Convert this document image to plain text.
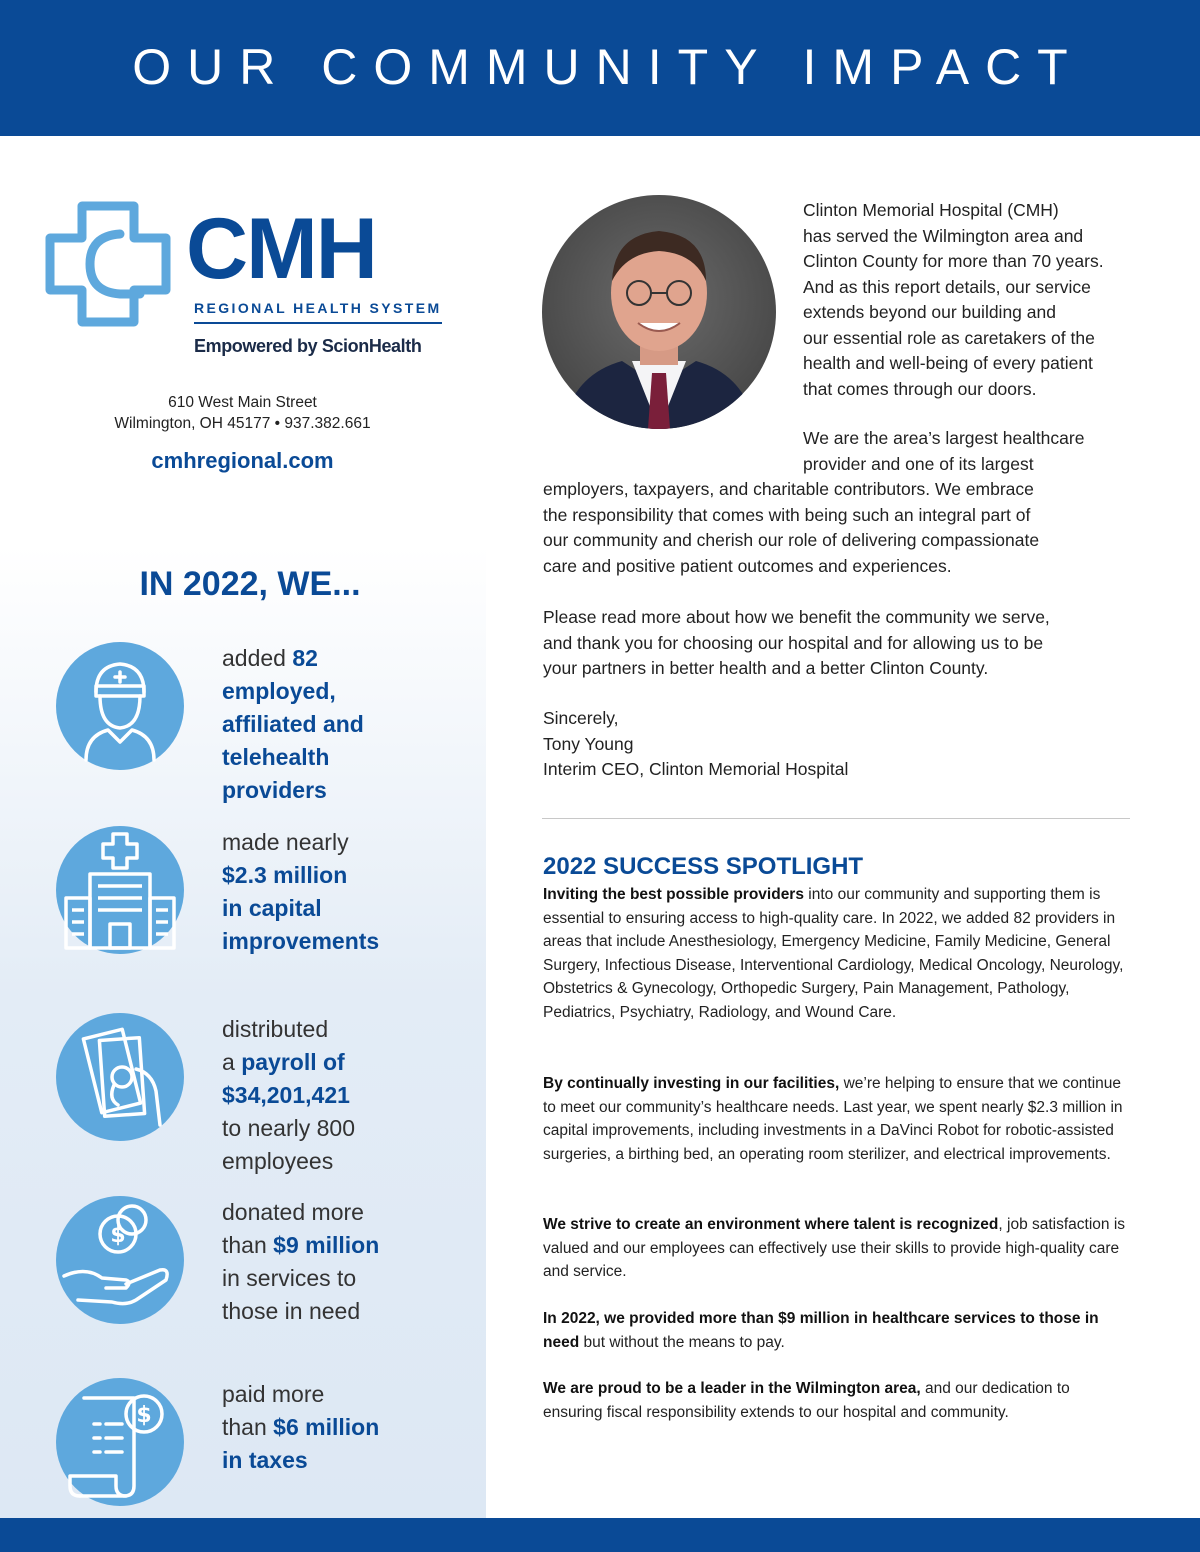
OUR COMMUNITY IMPACT
CMH
REGIONAL HEALTH SYSTEM
Empowered by ScionHealth
610 West Main Street
Wilmington, OH 45177 • 937.382.661
cmhregional.com
IN 2022, WE...
added 82
employed,
affiliated and
telehealth
providers
made nearly
$2.3 million
in capital
improvements
distributed
a payroll of
$34,201,421
to nearly 800
employees
$
donated more
than $9 million
in services to
those in need
$
paid more
than $6 million
in taxes
Clinton Memorial Hospital (CMH)
has served the Wilmington area and
Clinton County for more than 70 years.
And as this report details, our service
extends beyond our building and
our essential role as caretakers of the
health and well-being of every patient
that comes through our doors.
We are the area’s largest healthcare
provider and one of its largest
employers, taxpayers, and charitable contributors. We embrace
the responsibility that comes with being such an integral part of
our community and cherish our role of delivering compassionate
care and positive patient outcomes and experiences.
Please read more about how we benefit the community we serve,
and thank you for choosing our hospital and for allowing us to be
your partners in better health and a better Clinton County.
Sincerely,
Tony Young
Interim CEO, Clinton Memorial Hospital
2022 SUCCESS SPOTLIGHT
Inviting the best possible providers into our community and supporting them is essential to ensuring access to high-quality care. In 2022, we added 82 providers in areas that include Anesthesiology, Emergency Medicine, Family Medicine, General Surgery, Infectious Disease, Interventional Cardiology, Medical Oncology, Neurology, Obstetrics & Gynecology, Orthopedic Surgery, Pain Management, Pathology, Pediatrics, Psychiatry, Radiology, and Wound Care.
By continually investing in our facilities, we’re helping to ensure that we continue to meet our community’s healthcare needs. Last year, we spent nearly $2.3 million in capital improvements, including investments in a DaVinci Robot for robotic-assisted surgeries, a birthing bed, an operating room sterilizer, and electrical improvements.
We strive to create an environment where talent is recognized, job satisfaction is valued and our employees can effectively use their skills to provide high-quality care and service.
In 2022, we provided more than $9 million in healthcare services to those in need but without the means to pay.
We are proud to be a leader in the Wilmington area, and our dedication to ensuring fiscal responsibility extends to our hospital and community.
